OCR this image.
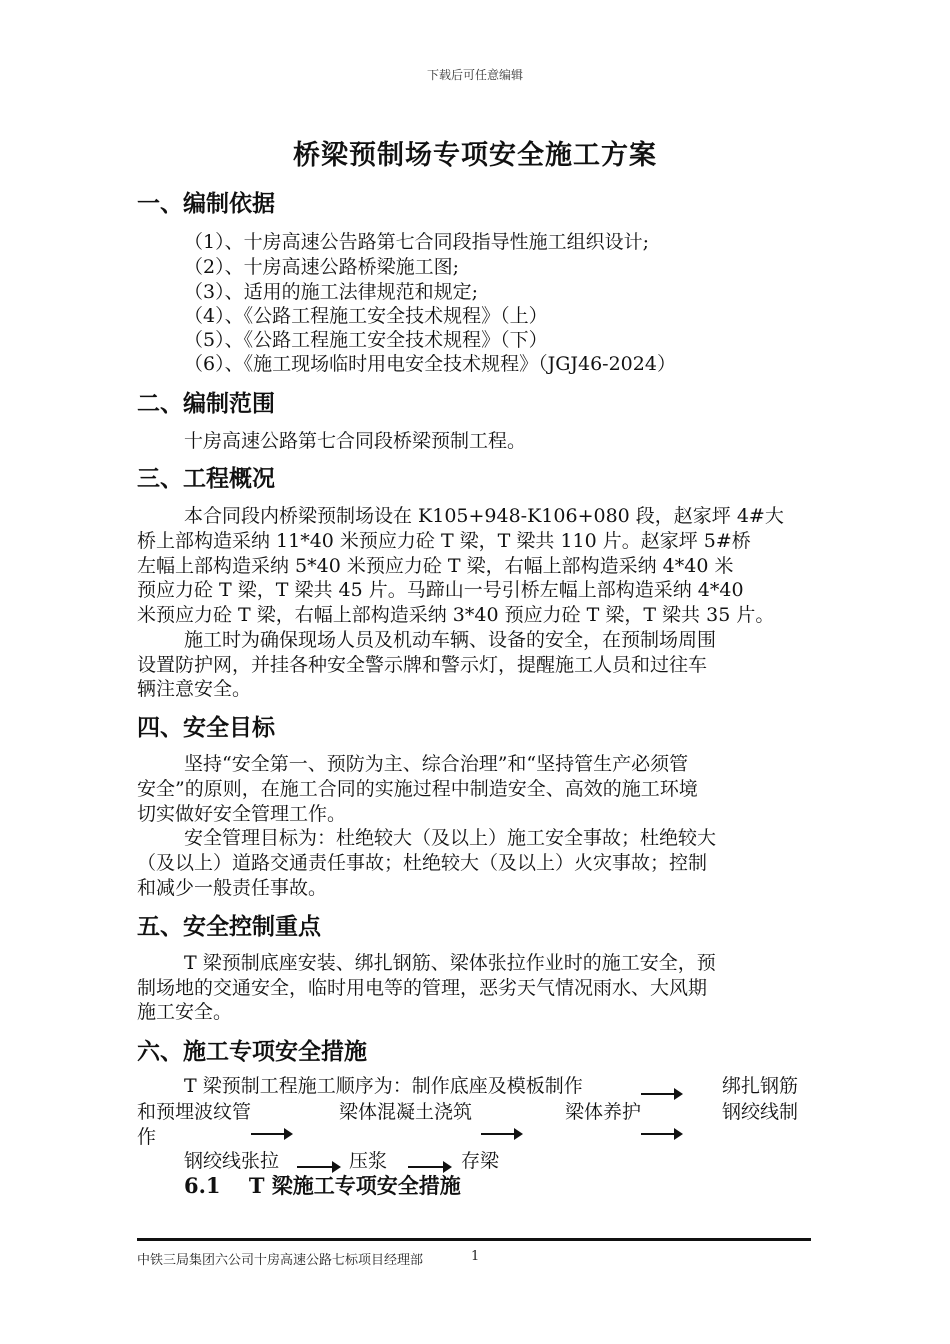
下载后可任意编辑
桥梁预制场专项安全施工方案
一、编制依据
（1）、十房高速公告路第七合同段指导性施工组织设计;
（2）、十房高速公路桥梁施工图;
（3）、适用的施工法律规范和规定;
（4）、《公路工程施工安全技术规程》（上）
（5）、《公路工程施工安全技术规程》（下）
（6）、《施工现场临时用电安全技术规程》（JGJ46-2024）
二、编制范围
十房高速公路第七合同段桥梁预制工程。
三、工程概况
本合同段内桥梁预制场设在 K105+948-K106+080 段，赵家坪 4#大
桥上部构造采纳 11*40 米预应力砼 T 梁，T 梁共 110 片。赵家坪 5#桥
左幅上部构造采纳 5*40 米预应力砼 T 梁，右幅上部构造采纳 4*40 米
预应力砼 T 梁，T 梁共 45 片。马蹄山一号引桥左幅上部构造采纳 4*40
米预应力砼 T 梁，右幅上部构造采纳 3*40 预应力砼 T 梁，T 梁共 35 片。
施工时为确保现场人员及机动车辆、设备的安全，在预制场周围
设置防护网，并挂各种安全警示牌和警示灯，提醒施工人员和过往车
辆注意安全。
四、安全目标
坚持“安全第一、预防为主、综合治理”和“坚持管生产必须管
安全”的原则，在施工合同的实施过程中制造安全、高效的施工环境
切实做好安全管理工作。
安全管理目标为：杜绝较大（及以上）施工安全事故；杜绝较大
（及以上）道路交通责任事故；杜绝较大（及以上）火灾事故；控制
和减少一般责任事故。
五、安全控制重点
T 梁预制底座安装、绑扎钢筋、梁体张拉作业时的施工安全，预
制场地的交通安全，临时用电等的管理，恶劣天气情况雨水、大风期
施工安全。
六、施工专项安全措施
T 梁预制工程施工顺序为：制作底座及模板制作	绑扎钢筋
和预埋波纹管	梁体混凝土浇筑	梁体养护	钢绞线制
作
钢绞线张拉	压浆	存梁
6.1　 T 梁施工专项安全措施
中铁三局集团六公司十房高速公路七标项目经理部	1
